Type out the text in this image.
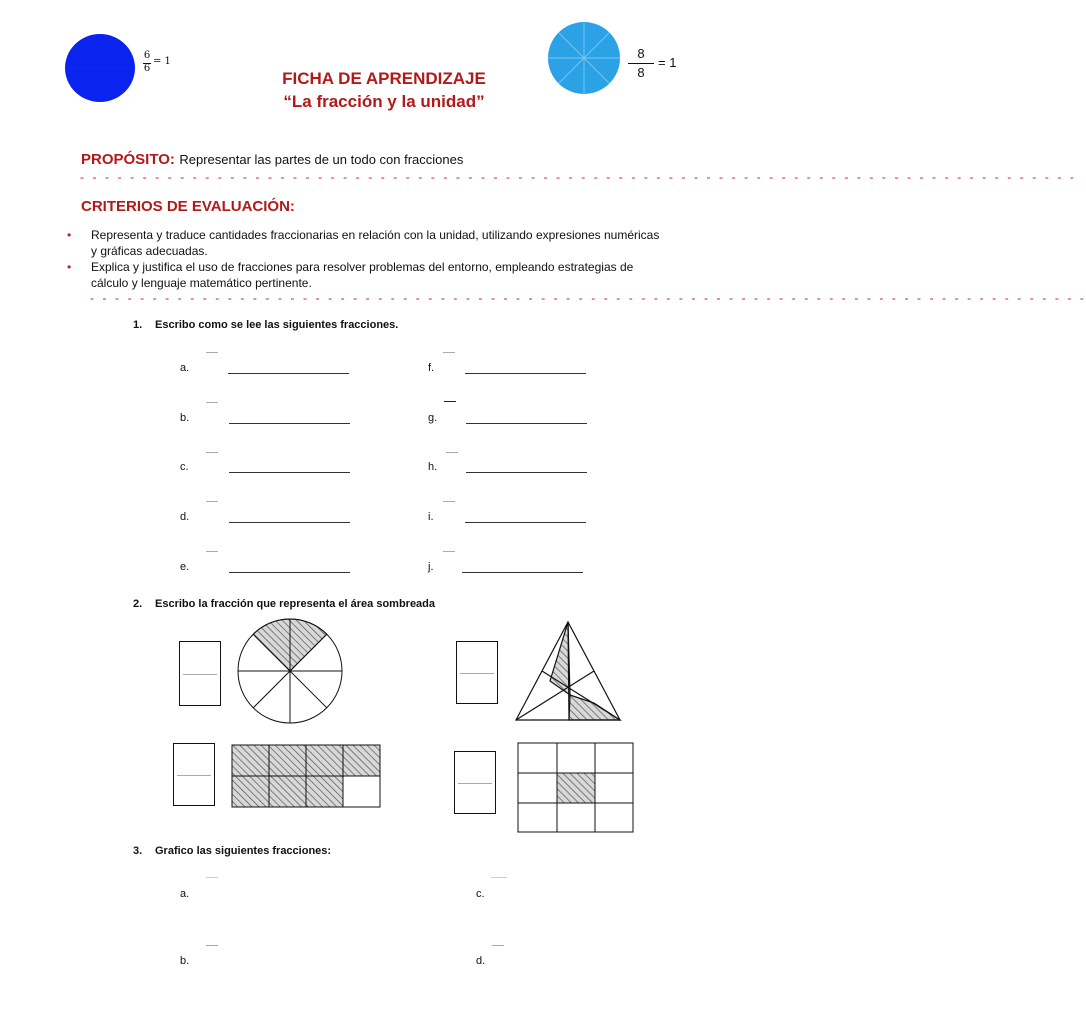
6
6
= 1
8
8
= 1
FICHA DE APRENDIZAJE
“La fracción y la unidad”
PROPÓSITO: Representar las partes de un todo con fracciones
- - - - - - - - - - - - - - - - - - - - - - - - - - - - - - - - - - - - - - - - - - - - - - - - - - - - - - - - - - - - - - - - - - - - - - - - - - - - - - - -
CRITERIOS DE EVALUACIÓN:
• Representa y traduce cantidades fraccionarias en relación con la unidad, utilizando expresiones numéricas y gráficas adecuadas.
• Explica y justifica el uso de fracciones para resolver problemas del entorno, empleando estrategias de cálculo y lenguaje matemático pertinente.
- - - - - - - - - - - - - - - - - - - - - - - - - - - - - - - - - - - - - - - - - - - - - - - - - - - - - - - - - - - - - - - - - - - - - - - - - - - - - - - -
1. Escribo como se lee las siguientes fracciones.
a.
b.
c.
d.
e.
f.
g.
h.
i.
j.
2. Escribo la fracción que representa el área sombreada
3. Grafico las siguientes fracciones:
a.
b.
c.
d.
